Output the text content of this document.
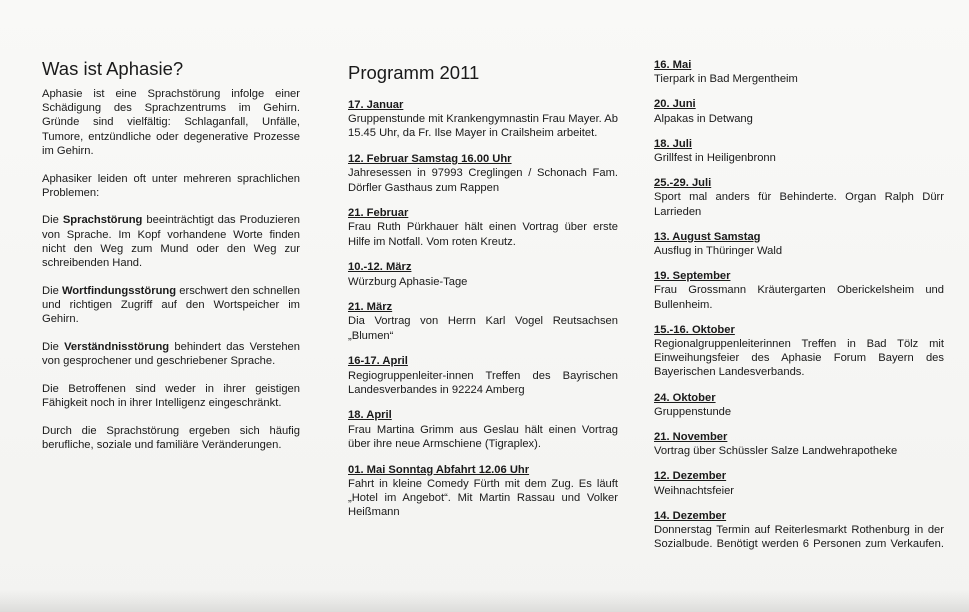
Was ist Aphasie?

Aphasie ist eine Sprachstörung infolge einer Schädigung des Sprachzentrums im Gehirn. Gründe sind vielfältig: Schlaganfall, Unfälle, Tumore, entzündliche oder degenerative Prozesse im Gehirn.

Aphasiker leiden oft unter mehreren sprachlichen Problemen:

Die Sprachstörung beeinträchtigt das Produzieren von Sprache. Im Kopf vorhandene Worte finden nicht den Weg zum Mund oder den Weg zur schreibenden Hand.

Die Wortfindungsstörung erschwert den schnellen und richtigen Zugriff auf den Wortspeicher im Gehirn.

Die Verständnisstörung behindert das Verstehen von gesprochener und geschriebener Sprache.

Die Betroffenen sind weder in ihrer geistigen Fähigkeit noch in ihrer Intelligenz eingeschränkt.

Durch die Sprachstörung ergeben sich häufig berufliche, soziale und familiäre Veränderungen.

Programm 2011
17. Januar
Gruppenstunde mit Krankengymnastin Frau Mayer. Ab 15.45 Uhr, da Fr. Ilse Mayer in Crailsheim arbeitet.
12. Februar Samstag 16.00 Uhr
Jahresessen in 97993 Creglingen / Schonach Fam. Dörfler Gasthaus zum Rappen
21. Februar
Frau Ruth Pürkhauer hält einen Vortrag über erste Hilfe im Notfall. Vom roten Kreutz.
10.-12. März
Würzburg Aphasie-Tage
21. März
Dia Vortrag von Herrn Karl Vogel Reutsachsen „Blumen“
16-17. April
Regiogruppenleiter-innen Treffen des Bayrischen Landesverbandes in 92224 Amberg
18. April
Frau Martina Grimm aus Geslau hält einen Vortrag über ihre neue Armschiene (Tigraplex).
01. Mai Sonntag Abfahrt 12.06 Uhr
Fahrt in kleine Comedy Fürth mit dem Zug. Es läuft „Hotel im Angebot“. Mit Martin Rassau und Volker Heißmann
16. Mai
Tierpark in Bad Mergentheim
20. Juni
Alpakas in Detwang
18. Juli
Grillfest in Heiligenbronn
25.-29. Juli
Sport mal anders für Behinderte. Organ Ralph Dürr Larrieden
13. August Samstag
Ausflug in Thüringer Wald
19. September
Frau Grossmann Kräutergarten Oberickelsheim und Bullenheim.
15.-16. Oktober
Regionalgruppenleiterinnen Treffen in Bad Tölz mit Einweihungsfeier des Aphasie Forum Bayern des Bayerischen Landesverbands.
24. Oktober
Gruppenstunde
21. November
Vortrag über Schüssler Salze Landwehrapotheke
12. Dezember
Weihnachtsfeier
14. Dezember
Donnerstag Termin auf Reiterlesmarkt Rothenburg in der Sozialbude. Benötigt werden 6 Personen zum Verkaufen.
